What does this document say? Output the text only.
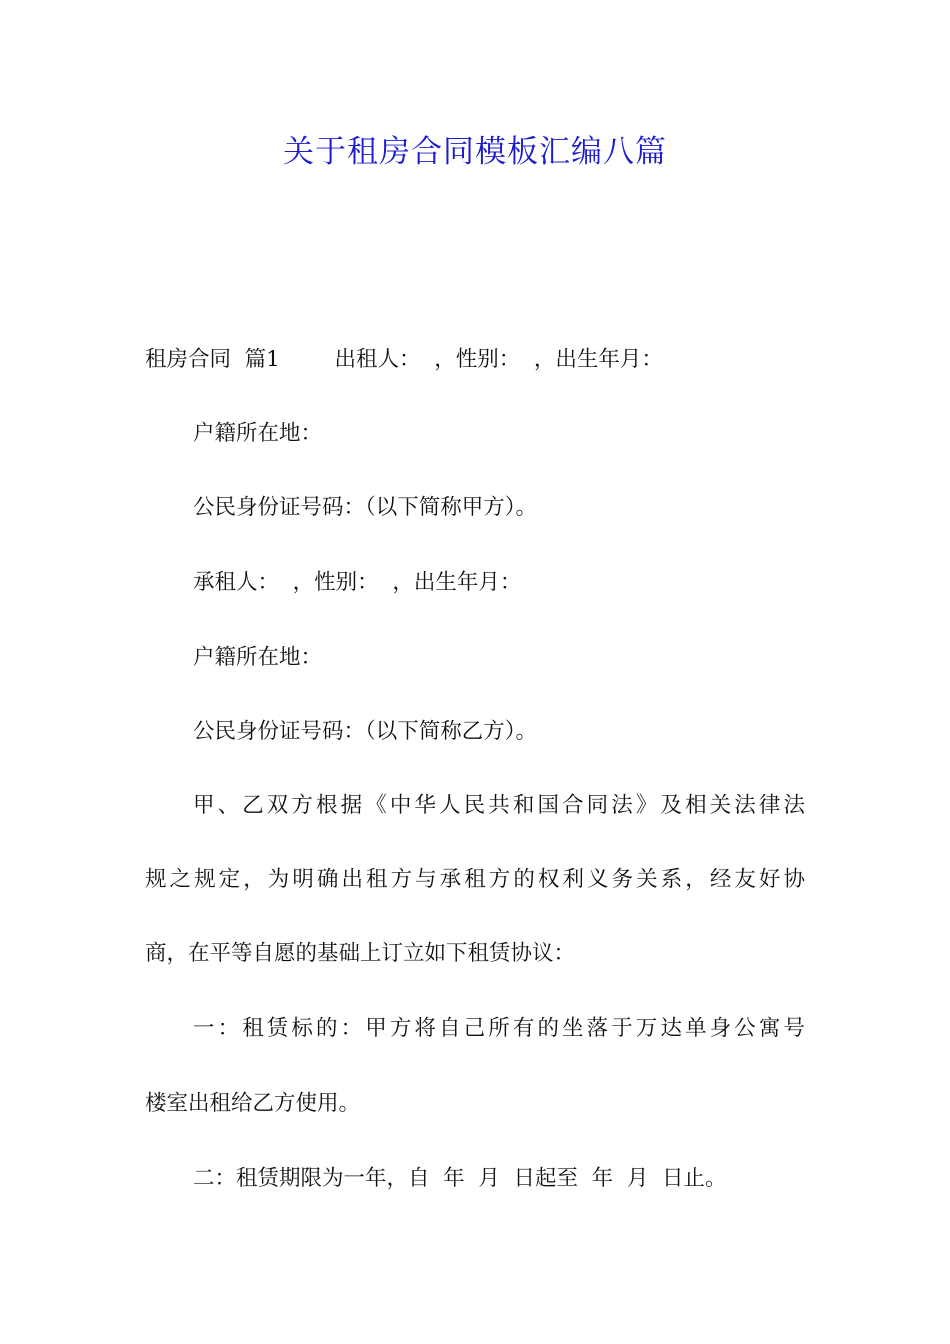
关于租房合同模板汇编八篇
租房合同  篇1        出租人：  ，性别：  ，出生年月：
户籍所在地：
公民身份证号码：（以下简称甲方）。
承租人：  ，性别：  ，出生年月：
户籍所在地：
公民身份证号码：（以下简称乙方）。
甲、乙双方根据《中华人民共和国合同法》及相关法律法
规之规定，为明确出租方与承租方的权利义务关系，经友好协
商，在平等自愿的基础上订立如下租赁协议：
一：租赁标的：甲方将自己所有的坐落于万达单身公寓号
楼室出租给乙方使用。
二：租赁期限为一年，自  年  月  日起至  年  月  日止。
